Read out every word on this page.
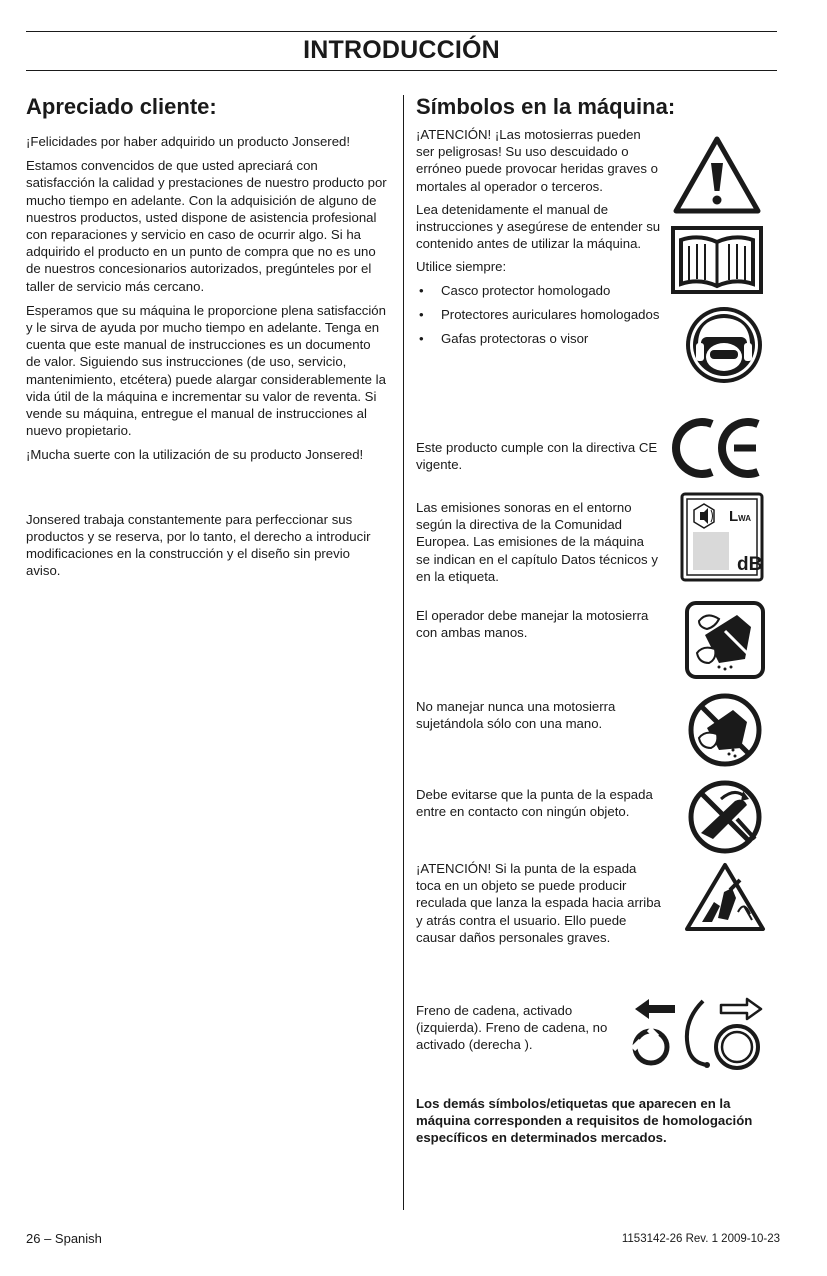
INTRODUCCIÓN
Apreciado cliente:

¡Felicidades por haber adquirido un producto Jonsered!

Estamos convencidos de que usted apreciará con satisfacción la calidad y prestaciones de nuestro producto por mucho tiempo en adelante. Con la adquisición de alguno de nuestros productos, usted dispone de asistencia profesional con reparaciones y servicio en caso de ocurrir algo. Si ha adquirido el producto en un punto de compra que no es uno de nuestros concesionarios autorizados, pregúnteles por el taller de servicio más cercano.

Esperamos que su máquina le proporcione plena satisfacción y le sirva de ayuda por mucho tiempo en adelante. Tenga en cuenta que este manual de instrucciones es un documento de valor. Siguiendo sus instrucciones (de uso, servicio, mantenimiento, etcétera) puede alargar considerablemente la vida útil de la máquina e incrementar su valor de reventa. Si vende su máquina, entregue el manual de instrucciones al nuevo propietario.

¡Mucha suerte con la utilización de su producto Jonsered!

Jonsered trabaja constantemente para perfeccionar sus productos y se reserva, por lo tanto, el derecho a introducir modificaciones en la construcción y el diseño sin previo aviso.

Símbolos en la máquina:

¡ATENCIÓN! ¡Las motosierras pueden ser peligrosas! Su uso descuidado o erróneo puede provocar heridas graves o mortales al operador o terceros.

Lea detenidamente el manual de instrucciones y asegúrese de entender su contenido antes de utilizar la máquina.

Utilice siempre:

• Casco protector homologado
• Protectores auriculares homologados
• Gafas protectoras o visor

Este producto cumple con la directiva CE vigente.

Las emisiones sonoras en el entorno según la directiva de la Comunidad Europea. Las emisiones de la máquina se indican en el capítulo Datos técnicos y en la etiqueta.

El operador debe manejar la motosierra con ambas manos.

No manejar nunca una motosierra sujetándola sólo con una mano.

Debe evitarse que la punta de la espada entre en contacto con ningún objeto.

¡ATENCIÓN! Si la punta de la espada toca en un objeto se puede producir reculada que lanza la espada hacia arriba y atrás contra el usuario. Ello puede causar daños personales graves.

Freno de cadena, activado (izquierda). Freno de cadena, no activado (derecha ).

Los demás símbolos/etiquetas que aparecen en la máquina corresponden a requisitos de homologación específicos en determinados mercados.

LWA
dB
26 – Spanish	1153142-26 Rev. 1 2009-10-23
